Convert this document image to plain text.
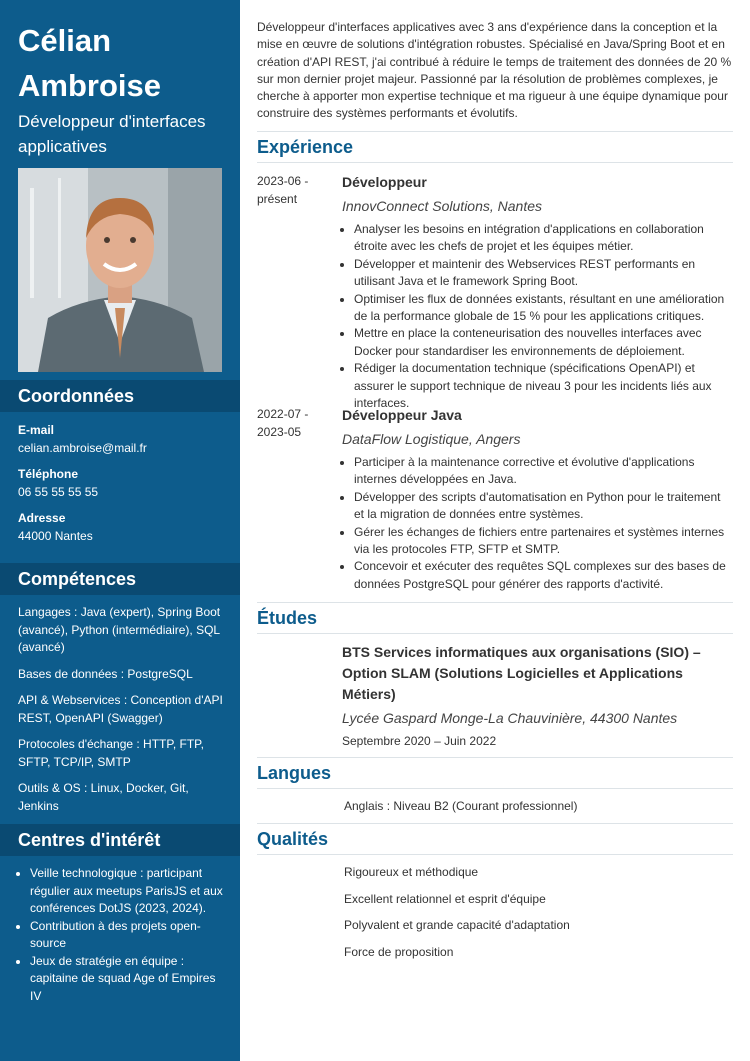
Célian Ambroise
Développeur d'interfaces applicatives
Coordonnées
E-mail
celian.ambroise@mail.fr
Téléphone
06 55 55 55 55
Adresse
44000 Nantes
Compétences
Langages : Java (expert), Spring Boot (avancé), Python (intermédiaire), SQL (avancé)
Bases de données : PostgreSQL
API & Webservices : Conception d'API REST, OpenAPI (Swagger)
Protocoles d'échange : HTTP, FTP, SFTP, TCP/IP, SMTP
Outils & OS : Linux, Docker, Git, Jenkins
Centres d'intérêt
• Veille technologique : participant régulier aux meetups ParisJS et aux conférences DotJS (2023, 2024).
• Contribution à des projets open-source
• Jeux de stratégie en équipe : capitaine de squad Age of Empires IV
Développeur d'interfaces applicatives avec 3 ans d'expérience dans la conception et la mise en œuvre de solutions d'intégration robustes. Spécialisé en Java/Spring Boot et en création d'API REST, j'ai contribué à réduire le temps de traitement des données de 20 % sur mon dernier projet majeur. Passionné par la résolution de problèmes complexes, je cherche à apporter mon expertise technique et ma rigueur à une équipe dynamique pour construire des systèmes performants et évolutifs.
Expérience
2023-06 - présent
Développeur
InnovConnect Solutions, Nantes
• Analyser les besoins en intégration d'applications en collaboration étroite avec les chefs de projet et les équipes métier.
• Développer et maintenir des Webservices REST performants en utilisant Java et le framework Spring Boot.
• Optimiser les flux de données existants, résultant en une amélioration de la performance globale de 15 % pour les applications critiques.
• Mettre en place la conteneurisation des nouvelles interfaces avec Docker pour standardiser les environnements de déploiement.
• Rédiger la documentation technique (spécifications OpenAPI) et assurer le support technique de niveau 3 pour les incidents liés aux interfaces.
2022-07 - 2023-05
Développeur Java
DataFlow Logistique, Angers
• Participer à la maintenance corrective et évolutive d'applications internes développées en Java.
• Développer des scripts d'automatisation en Python pour le traitement et la migration de données entre systèmes.
• Gérer les échanges de fichiers entre partenaires et systèmes internes via les protocoles FTP, SFTP et SMTP.
• Concevoir et exécuter des requêtes SQL complexes sur des bases de données PostgreSQL pour générer des rapports d'activité.
Études
BTS Services informatiques aux organisations (SIO) – Option SLAM (Solutions Logicielles et Applications Métiers)
Lycée Gaspard Monge-La Chauvinière, 44300 Nantes
Septembre 2020 – Juin 2022
Langues
Anglais : Niveau B2 (Courant professionnel)
Qualités
Rigoureux et méthodique
Excellent relationnel et esprit d'équipe
Polyvalent et grande capacité d'adaptation
Force de proposition
